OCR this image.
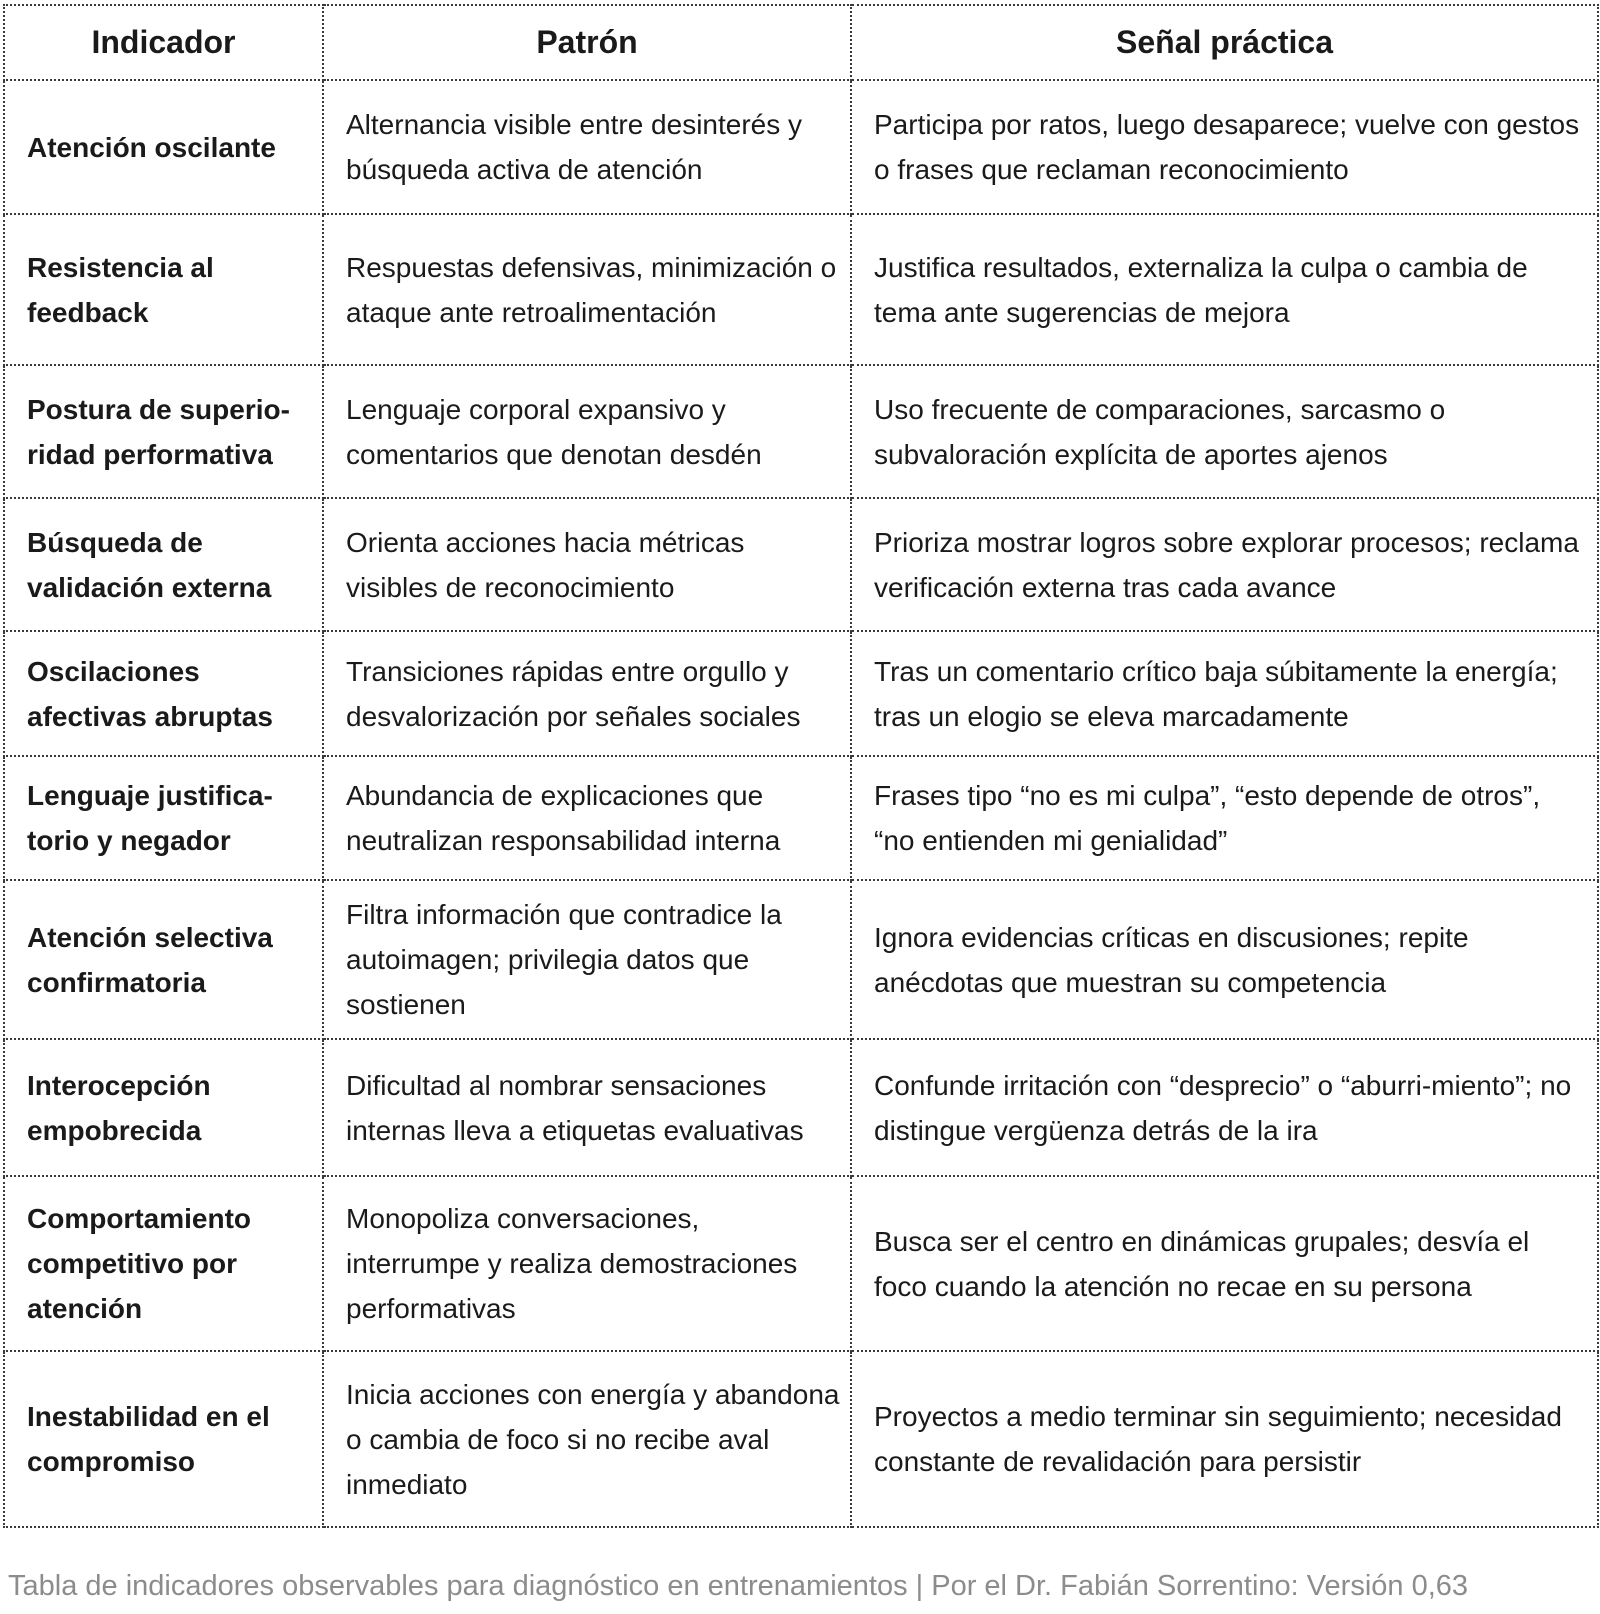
Indicador	Patrón	Señal práctica
Atención oscilante	Alternancia visible entre desinterés y búsqueda activa de atención	Participa por ratos, luego desaparece; vuelve con gestos o frases que reclaman reconocimiento
Resistencia al feedback	Respuestas defensivas, minimización o ataque ante retroalimentación	Justifica resultados, externaliza la culpa o cambia de tema ante sugerencias de mejora
Postura de superio-ridad performativa	Lenguaje corporal expansivo y comentarios que denotan desdén	Uso frecuente de comparaciones, sarcasmo o subvaloración explícita de aportes ajenos
Búsqueda de validación externa	Orienta acciones hacia métricas visibles de reconocimiento	Prioriza mostrar logros sobre explorar procesos; reclama verificación externa tras cada avance
Oscilaciones afectivas abruptas	Transiciones rápidas entre orgullo y desvalorización por señales sociales	Tras un comentario crítico baja súbitamente la energía; tras un elogio se eleva marcadamente
Lenguaje justifica-torio y negador	Abundancia de explicaciones que neutralizan responsabilidad interna	Frases tipo “no es mi culpa”, “esto depende de otros”, “no entienden mi genialidad”
Atención selectiva confirmatoria	Filtra información que contradice la autoimagen; privilegia datos que sostienen	Ignora evidencias críticas en discusiones; repite anécdotas que muestran su competencia
Interocepción empobrecida	Dificultad al nombrar sensaciones internas lleva a etiquetas evaluativas	Confunde irritación con “desprecio” o “aburri-miento”; no distingue vergüenza detrás de la ira
Comportamiento competitivo por atención	Monopoliza conversaciones, interrumpe y realiza demostraciones performativas	Busca ser el centro en dinámicas grupales; desvía el foco cuando la atención no recae en su persona
Inestabilidad en el compromiso	Inicia acciones con energía y abandona o cambia de foco si no recibe aval inmediato	Proyectos a medio terminar sin seguimiento; necesidad constante de revalidación para persistir
Tabla de indicadores observables para diagnóstico en entrenamientos | Por el Dr. Fabián Sorrentino: Versión 0,63
